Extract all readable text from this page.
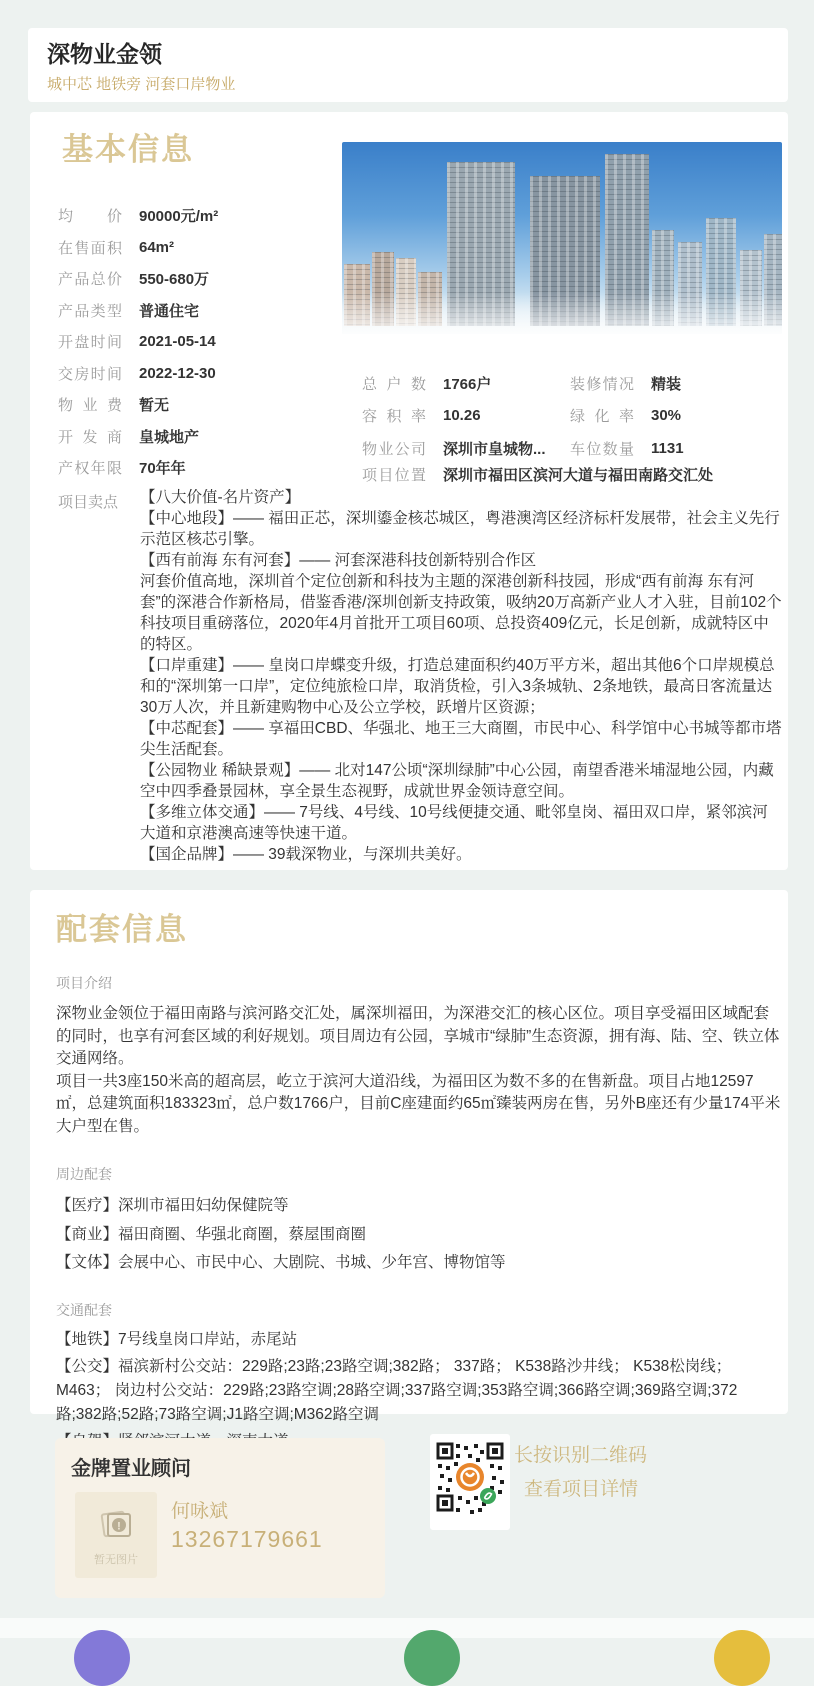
深物业金领
城中芯 地铁旁 河套口岸物业
基本信息
均价 90000元/m²
在售面积 64m²
产品总价 550-680万
产品类型 普通住宅
开盘时间 2021-05-14
交房时间 2022-12-30
物业费 暂无
开发商 皇城地产
产权年限 70年年
总户数 1766户	装修情况 精装
容积率 10.26	绿化率 30%
物业公司 深圳市皇城物... 车位数量 1131
项目位置 深圳市福田区滨河大道与福田南路交汇处
项目卖点 【八大价值-名片资产】
【中心地段】—— 福田正芯，深圳鎏金核芯城区，粤港澳湾区经济标杆发展带，社会主义先行示范区核芯引擎。
【西有前海 东有河套】—— 河套深港科技创新特别合作区
河套价值高地，深圳首个定位创新和科技为主题的深港创新科技园，形成“西有前海 东有河套”的深港合作新格局，借鉴香港/深圳创新支持政策，吸纳20万高新产业人才入驻，目前102个科技项目重磅落位，2020年4月首批开工项目60项、总投资409亿元，长足创新，成就特区中的特区。
【口岸重建】—— 皇岗口岸蝶变升级，打造总建面积约40万平方米，超出其他6个口岸规模总和的“深圳第一口岸”，定位纯旅检口岸，取消货检，引入3条城轨、2条地铁，最高日客流量达30万人次，并且新建购物中心及公立学校，跃增片区资源；
【中芯配套】—— 享福田CBD、华强北、地王三大商圈，市民中心、科学馆中心书城等都市塔尖生活配套。
【公园物业 稀缺景观】—— 北对147公顷“深圳绿肺”中心公园，南望香港米埔湿地公园，内藏空中四季叠景园林，享全景生态视野，成就世界金领诗意空间。
【多维立体交通】—— 7号线、4号线、10号线便捷交通、毗邻皇岗、福田双口岸，紧邻滨河大道和京港澳高速等快速干道。
【国企品牌】—— 39载深物业，与深圳共美好。
配套信息
项目介绍
深物业金领位于福田南路与滨河路交汇处，属深圳福田，为深港交汇的核心区位。项目享受福田区域配套的同时，也享有河套区域的利好规划。项目周边有公园，享城市“绿肺”生态资源，拥有海、陆、空、铁立体交通网络。
项目一共3座150米高的超高层，屹立于滨河大道沿线，为福田区为数不多的在售新盘。项目占地12597㎡，总建筑面积183323㎡，总户数1766户，目前C座建面约65㎡臻装两房在售，另外B座还有少量174平米大户型在售。
周边配套
【医疗】深圳市福田妇幼保健院等
【商业】福田商圈、华强北商圈，蔡屋围商圈
【文体】会展中心、市民中心、大剧院、书城、少年宫、博物馆等
交通配套
【地铁】7号线皇岗口岸站，赤尾站
【公交】福滨新村公交站：229路;23路;23路空调;382路； 337路； K538路沙井线； K538松岗线；M463； 岗边村公交站：229路;23路空调;28路空调;337路空调;353路空调;366路空调;369路空调;372路;382路;52路;73路空调;J1路空调;M362路空调
金牌置业顾问
!
暂无图片
何咏斌
13267179661
长按识别二维码
查看项目详情
